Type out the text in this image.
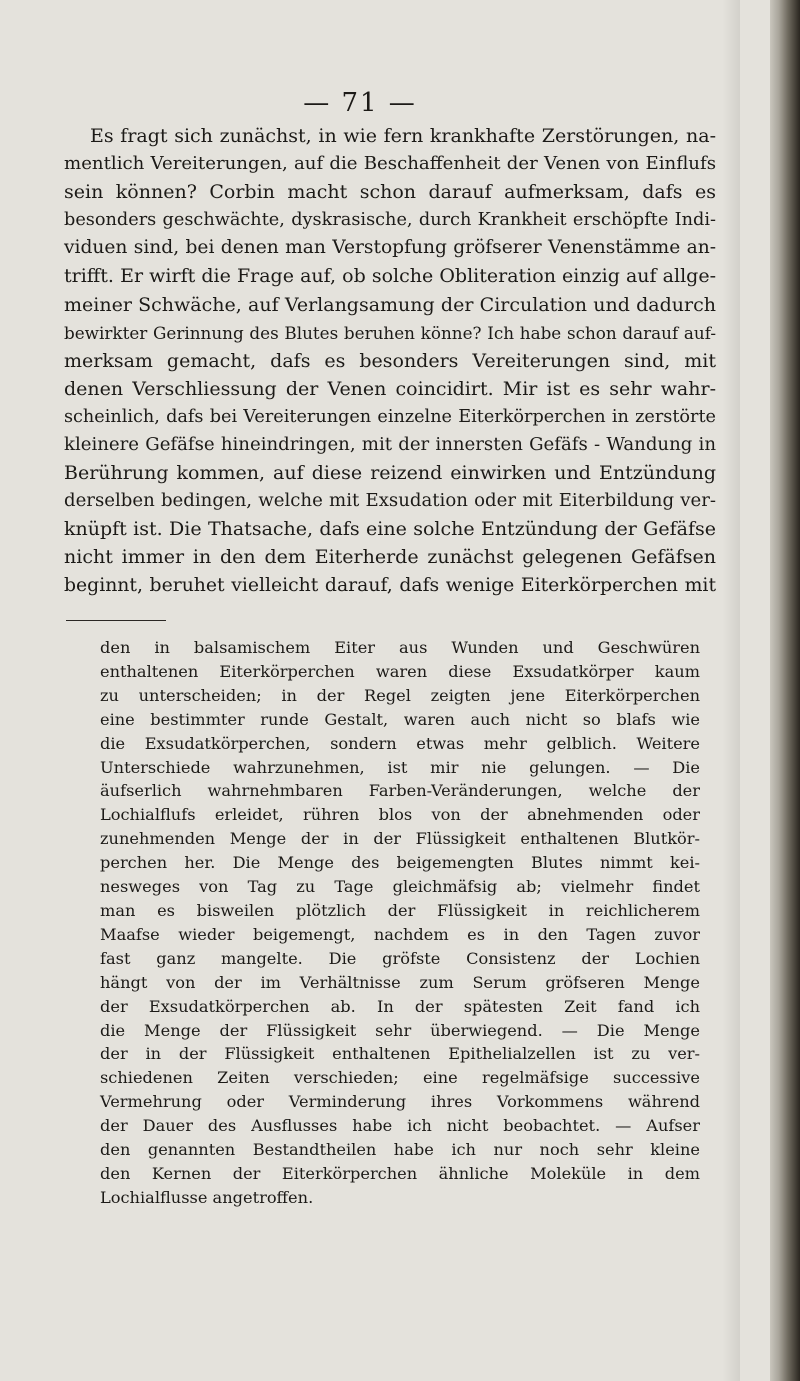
— 71 —
Es fragt sich zunächst, in wie fern krankhafte Zerstörungen, na-
mentlich Vereiterungen, auf die Beschaffenheit der Venen von Einflufs
sein können? Corbin macht schon darauf aufmerksam, dafs es
besonders geschwächte, dyskrasische, durch Krankheit erschöpfte Indi-
viduen sind, bei denen man Verstopfung gröfserer Venenstämme an-
trifft. Er wirft die Frage auf, ob solche Obliteration einzig auf allge-
meiner Schwäche, auf Verlangsamung der Circulation und dadurch
bewirkter Gerinnung des Blutes beruhen könne? Ich habe schon darauf auf-
merksam gemacht, dafs es besonders Vereiterungen sind, mit
denen Verschliessung der Venen coincidirt. Mir ist es sehr wahr-
scheinlich, dafs bei Vereiterungen einzelne Eiterkörperchen in zerstörte
kleinere Gefäfse hineindringen, mit der innersten Gefäfs - Wandung in
Berührung kommen, auf diese reizend einwirken und Entzündung
derselben bedingen, welche mit Exsudation oder mit Eiterbildung ver-
knüpft ist. Die Thatsache, dafs eine solche Entzündung der Gefäfse
nicht immer in den dem Eiterherde zunächst gelegenen Gefäfsen
beginnt, beruhet vielleicht darauf, dafs wenige Eiterkörperchen mit
den in balsamischem Eiter aus Wunden und Geschwüren
enthaltenen Eiterkörperchen waren diese Exsudatkörper kaum
zu unterscheiden; in der Regel zeigten jene Eiterkörperchen
eine bestimmter runde Gestalt, waren auch nicht so blafs wie
die Exsudatkörperchen, sondern etwas mehr gelblich. Weitere
Unterschiede wahrzunehmen, ist mir nie gelungen. — Die
äufserlich wahrnehmbaren Farben-Veränderungen, welche der
Lochialflufs erleidet, rühren blos von der abnehmenden oder
zunehmenden Menge der in der Flüssigkeit enthaltenen Blutkör-
perchen her. Die Menge des beigemengten Blutes nimmt kei-
nesweges von Tag zu Tage gleichmäfsig ab; vielmehr findet
man es bisweilen plötzlich der Flüssigkeit in reichlicherem
Maafse wieder beigemengt, nachdem es in den Tagen zuvor
fast ganz mangelte. Die gröfste Consistenz der Lochien
hängt von der im Verhältnisse zum Serum gröfseren Menge
der Exsudatkörperchen ab. In der spätesten Zeit fand ich
die Menge der Flüssigkeit sehr überwiegend. — Die Menge
der in der Flüssigkeit enthaltenen Epithelialzellen ist zu ver-
schiedenen Zeiten verschieden; eine regelmäfsige successive
Vermehrung oder Verminderung ihres Vorkommens während
der Dauer des Ausflusses habe ich nicht beobachtet. — Aufser
den genannten Bestandtheilen habe ich nur noch sehr kleine
den Kernen der Eiterkörperchen ähnliche Moleküle in dem
Lochialflusse angetroffen.
